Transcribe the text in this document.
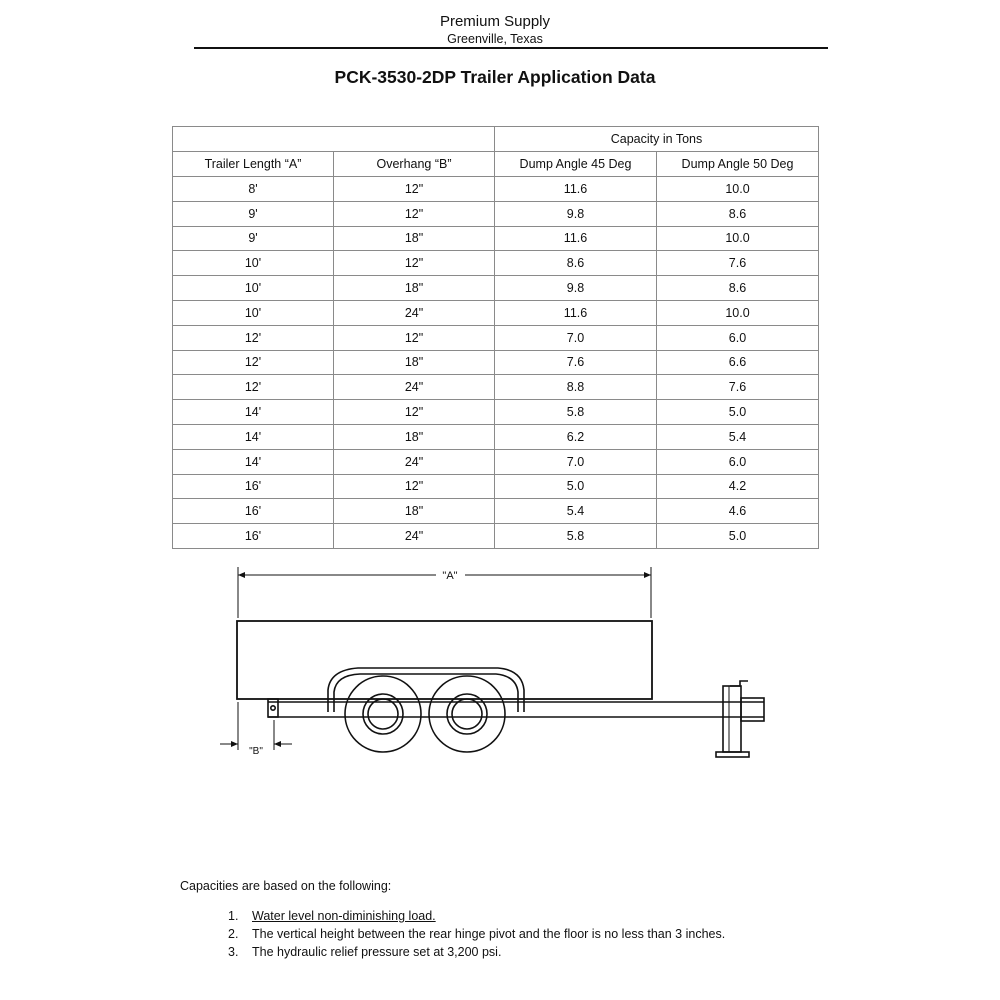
Premium Supply
Greenville, Texas
PCK-3530-2DP Trailer Application Data
		Capacity in Tons	
Trailer Length “A”	Overhang “B”	Dump Angle 45 Deg	Dump Angle 50 Deg
8'	12"	11.6	10.0
9'	12"	9.8	8.6
9'	18"	11.6	10.0
10'	12"	8.6	7.6
10'	18"	9.8	8.6
10'	24"	11.6	10.0
12'	12"	7.0	6.0
12'	18"	7.6	6.6
12'	24"	8.8	7.6
14'	12"	5.8	5.0
14'	18"	6.2	5.4
14'	24"	7.0	6.0
16'	12"	5.0	4.2
16'	18"	5.4	4.6
16'	24"	5.8	5.0
"A"
"B"
Capacities are based on the following:
1. Water level non-diminishing load.
2. The vertical height between the rear hinge pivot and the floor is no less than 3 inches.
3. The hydraulic relief pressure set at 3,200 psi.
